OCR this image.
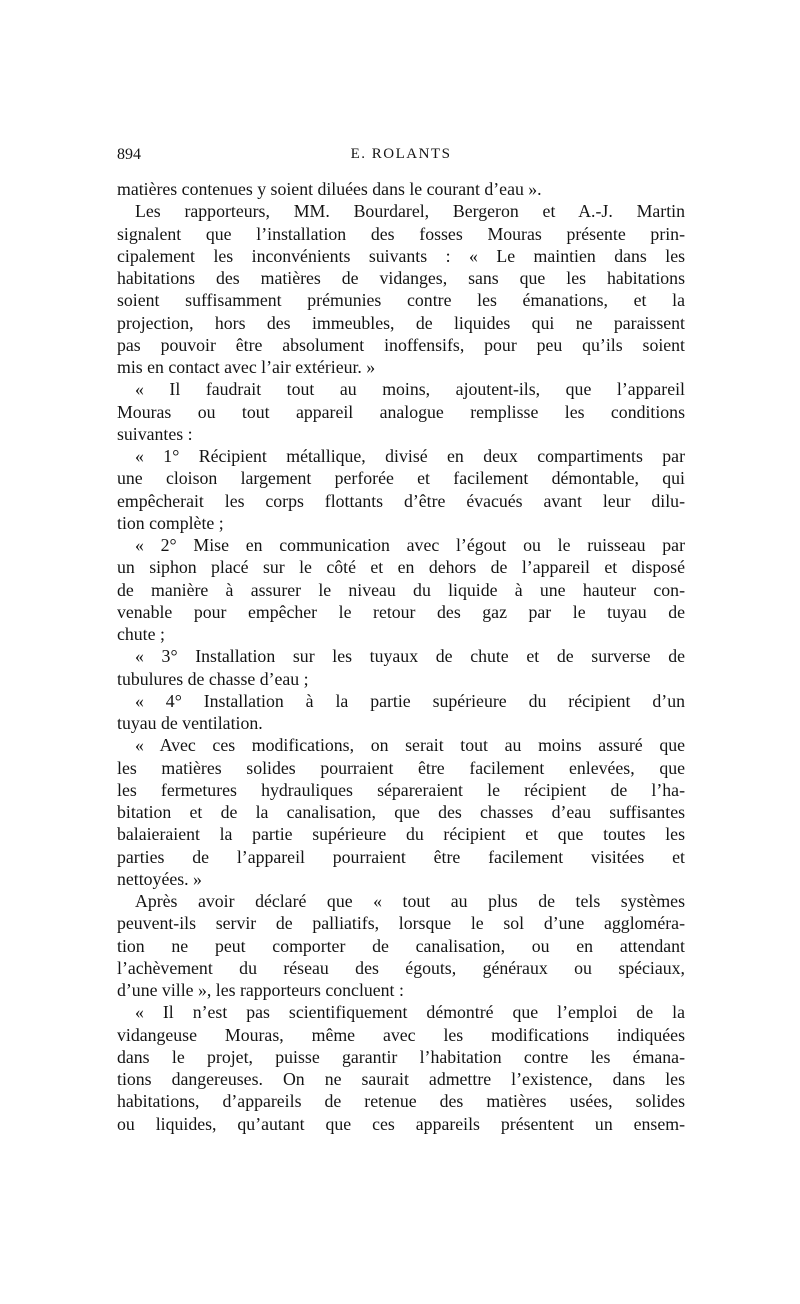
894	E. ROLANTS
matières contenues y soient diluées dans le courant d’eau ».
Les rapporteurs, MM. Bourdarel, Bergeron et A.-J. Martin
signalent que l’installation des fosses Mouras présente prin-
cipalement les inconvénients suivants : « Le maintien dans les
habitations des matières de vidanges, sans que les habitations
soient suffisamment prémunies contre les émanations, et la
projection, hors des immeubles, de liquides qui ne paraissent
pas pouvoir être absolument inoffensifs, pour peu qu’ils soient
mis en contact avec l’air extérieur. »
« Il faudrait tout au moins, ajoutent-ils, que l’appareil
Mouras ou tout appareil analogue remplisse les conditions
suivantes :
« 1° Récipient métallique, divisé en deux compartiments par
une cloison largement perforée et facilement démontable, qui
empêcherait les corps flottants d’être évacués avant leur dilu-
tion complète ;
« 2° Mise en communication avec l’égout ou le ruisseau par
un siphon placé sur le côté et en dehors de l’appareil et disposé
de manière à assurer le niveau du liquide à une hauteur con-
venable pour empêcher le retour des gaz par le tuyau de
chute ;
« 3° Installation sur les tuyaux de chute et de surverse de
tubulures de chasse d’eau ;
« 4° Installation à la partie supérieure du récipient d’un
tuyau de ventilation.
« Avec ces modifications, on serait tout au moins assuré que
les matières solides pourraient être facilement enlevées, que
les fermetures hydrauliques sépareraient le récipient de l’ha-
bitation et de la canalisation, que des chasses d’eau suffisantes
balaieraient la partie supérieure du récipient et que toutes les
parties de l’appareil pourraient être facilement visitées et
nettoyées. »
Après avoir déclaré que « tout au plus de tels systèmes
peuvent-ils servir de palliatifs, lorsque le sol d’une aggloméra-
tion ne peut comporter de canalisation, ou en attendant
l’achèvement du réseau des égouts, généraux ou spéciaux,
d’une ville », les rapporteurs concluent :
« Il n’est pas scientifiquement démontré que l’emploi de la
vidangeuse Mouras, même avec les modifications indiquées
dans le projet, puisse garantir l’habitation contre les émana-
tions dangereuses. On ne saurait admettre l’existence, dans les
habitations, d’appareils de retenue des matières usées, solides
ou liquides, qu’autant que ces appareils présentent un ensem-
